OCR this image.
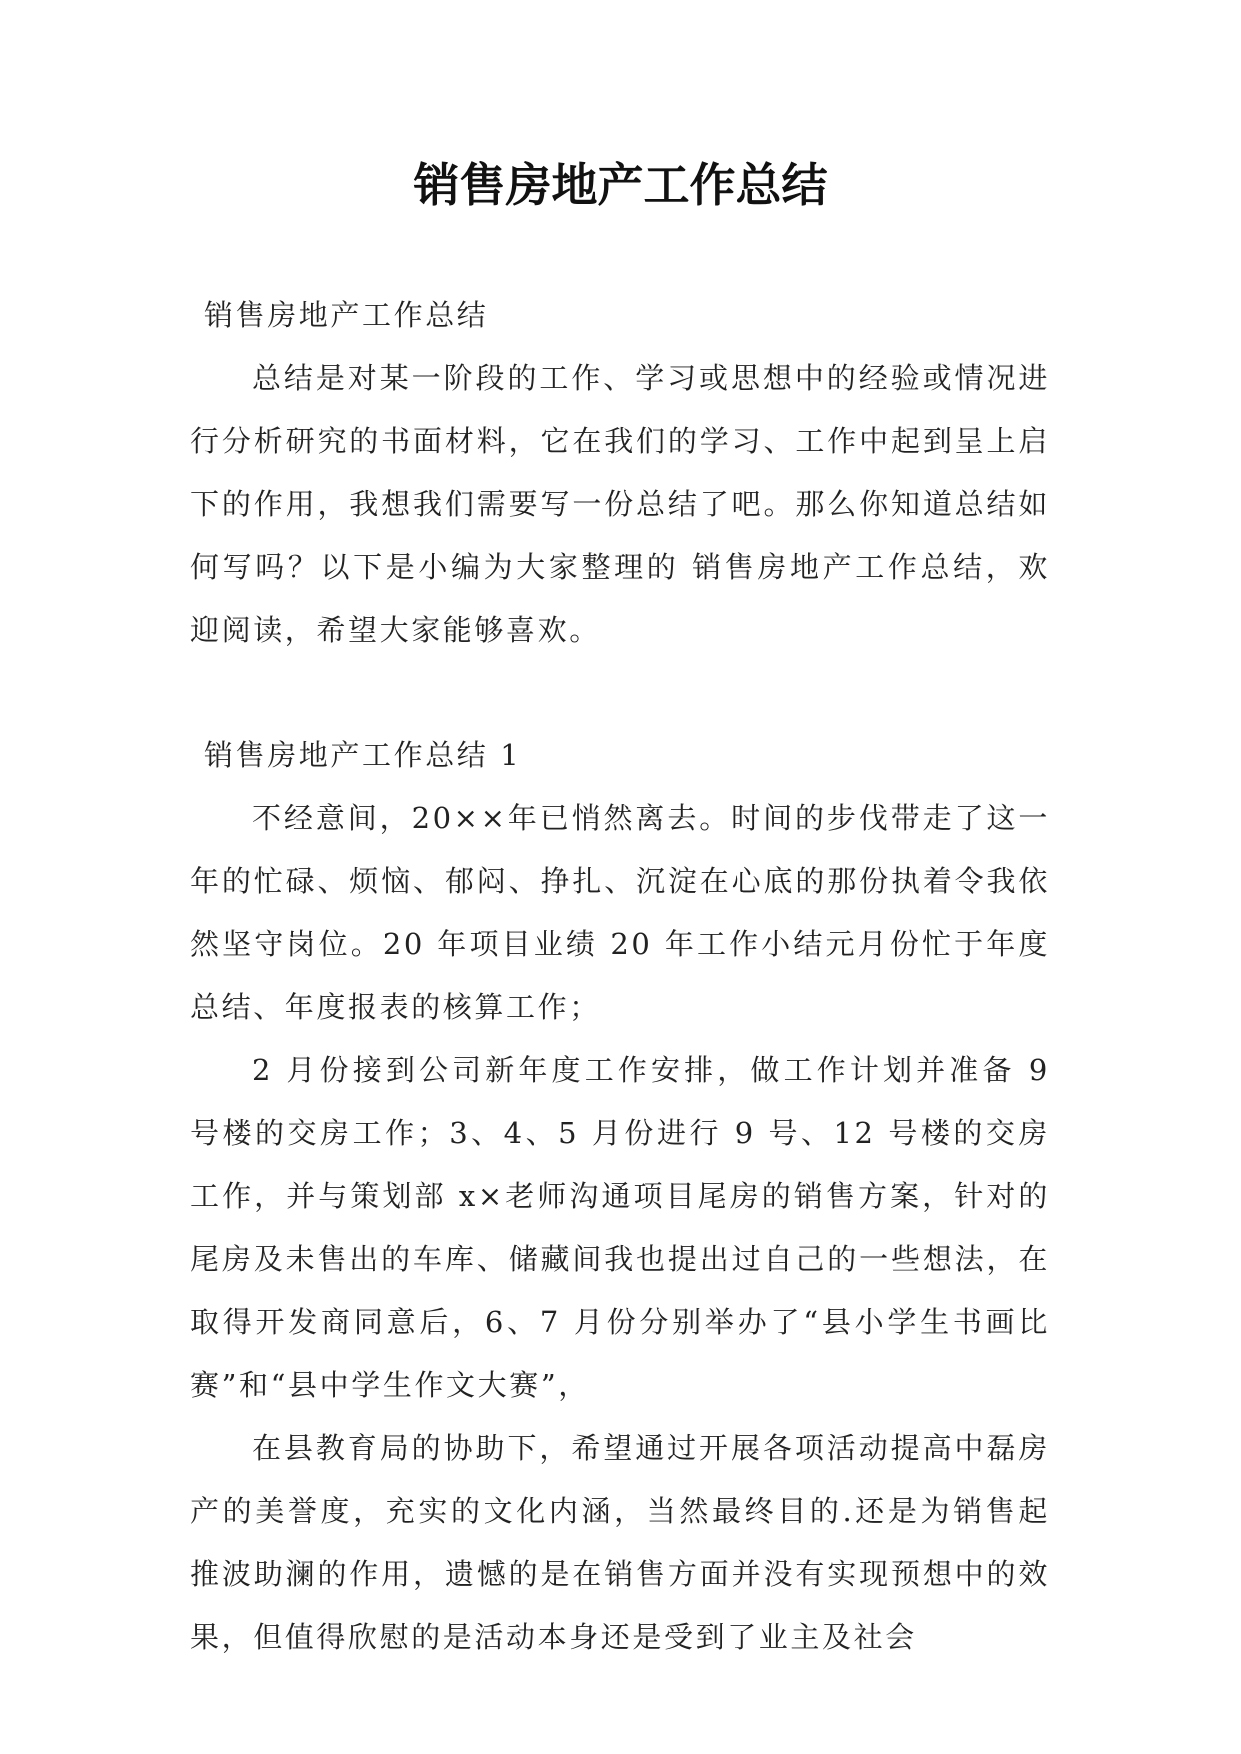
销售房地产工作总结

销售房地产工作总结

总结是对某一阶段的工作、学习或思想中的经验或情况进行分析研究的书面材料，它在我们的学习、工作中起到呈上启下的作用，我想我们需要写一份总结了吧。那么你知道总结如何写吗？以下是小编为大家整理的 销售房地产工作总结，欢迎阅读，希望大家能够喜欢。

销售房地产工作总结 1

不经意间，20××年已悄然离去。时间的步伐带走了这一年的忙碌、烦恼、郁闷、挣扎、沉淀在心底的那份执着令我依然坚守岗位。20 年项目业绩 20 年工作小结元月份忙于年度总结、年度报表的核算工作；

2 月份接到公司新年度工作安排，做工作计划并准备 9 号楼的交房工作；3、4、5 月份进行 9 号、12 号楼的交房工作，并与策划部 x×老师沟通项目尾房的销售方案，针对的尾房及未售出的车库、储藏间我也提出过自己的一些想法，在取得开发商同意后，6、7 月份分别举办了“县小学生书画比赛”和“县中学生作文大赛”，

在县教育局的协助下，希望通过开展各项活动提高中磊房产的美誉度，充实的文化内涵，当然最终目的.还是为销售起推波助澜的作用，遗憾的是在销售方面并没有实现预想中的效果，但值得欣慰的是活动本身还是受到了业主及社会
